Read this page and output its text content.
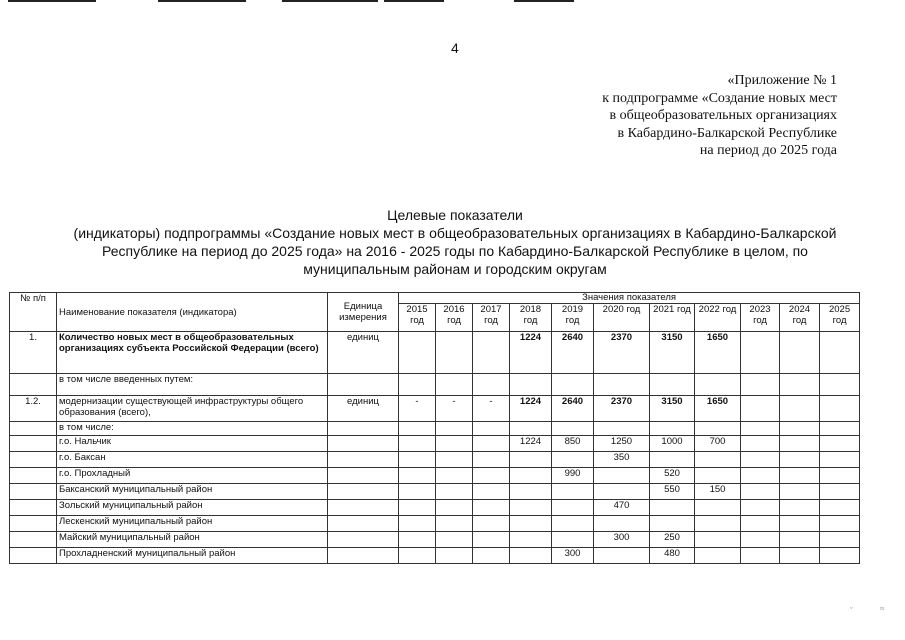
4
«Приложение № 1
к подпрограмме «Создание новых мест
в общеобразовательных организациях
в Кабардино-Балкарской Республике
на период до 2025 года
Целевые показатели
(индикаторы) подпрограммы «Создание новых мест в общеобразовательных организациях в Кабардино-Балкарской
Республике на период до 2025 года» на 2016 - 2025 годы по Кабардино-Балкарской Республике в целом, по
муниципальным районам и городским округам
№ п/п	Наименование показателя (индикатора)	Единица измерения	Значения показателя										
			2015 год	2016 год	2017 год	2018 год	2019 год	2020 год	2021 год	2022 год	2023 год	2024 год	2025 год
1.	Количество новых мест в общеобразовательных организациях субъекта Российской Федерации (всего)	единиц				1224	2640	2370	3150	1650			
	в том числе введенных путем:												
1.2.	модернизации существующей инфраструктуры общего образования (всего),	единиц	-	-	-	1224	2640	2370	3150	1650			
	в том числе:												
	г.о. Нальчик					1224	850	1250	1000	700			
	г.о. Баксан							350					
	г.о. Прохладный						990		520				
	Баксанский муниципальный район								550	150			
	Зольский муниципальный район							470					
	Лескенский муниципальный район												
	Майский муниципальный район							300	250				
	Прохладненский муниципальный район						300		480				
ˇ	≈
